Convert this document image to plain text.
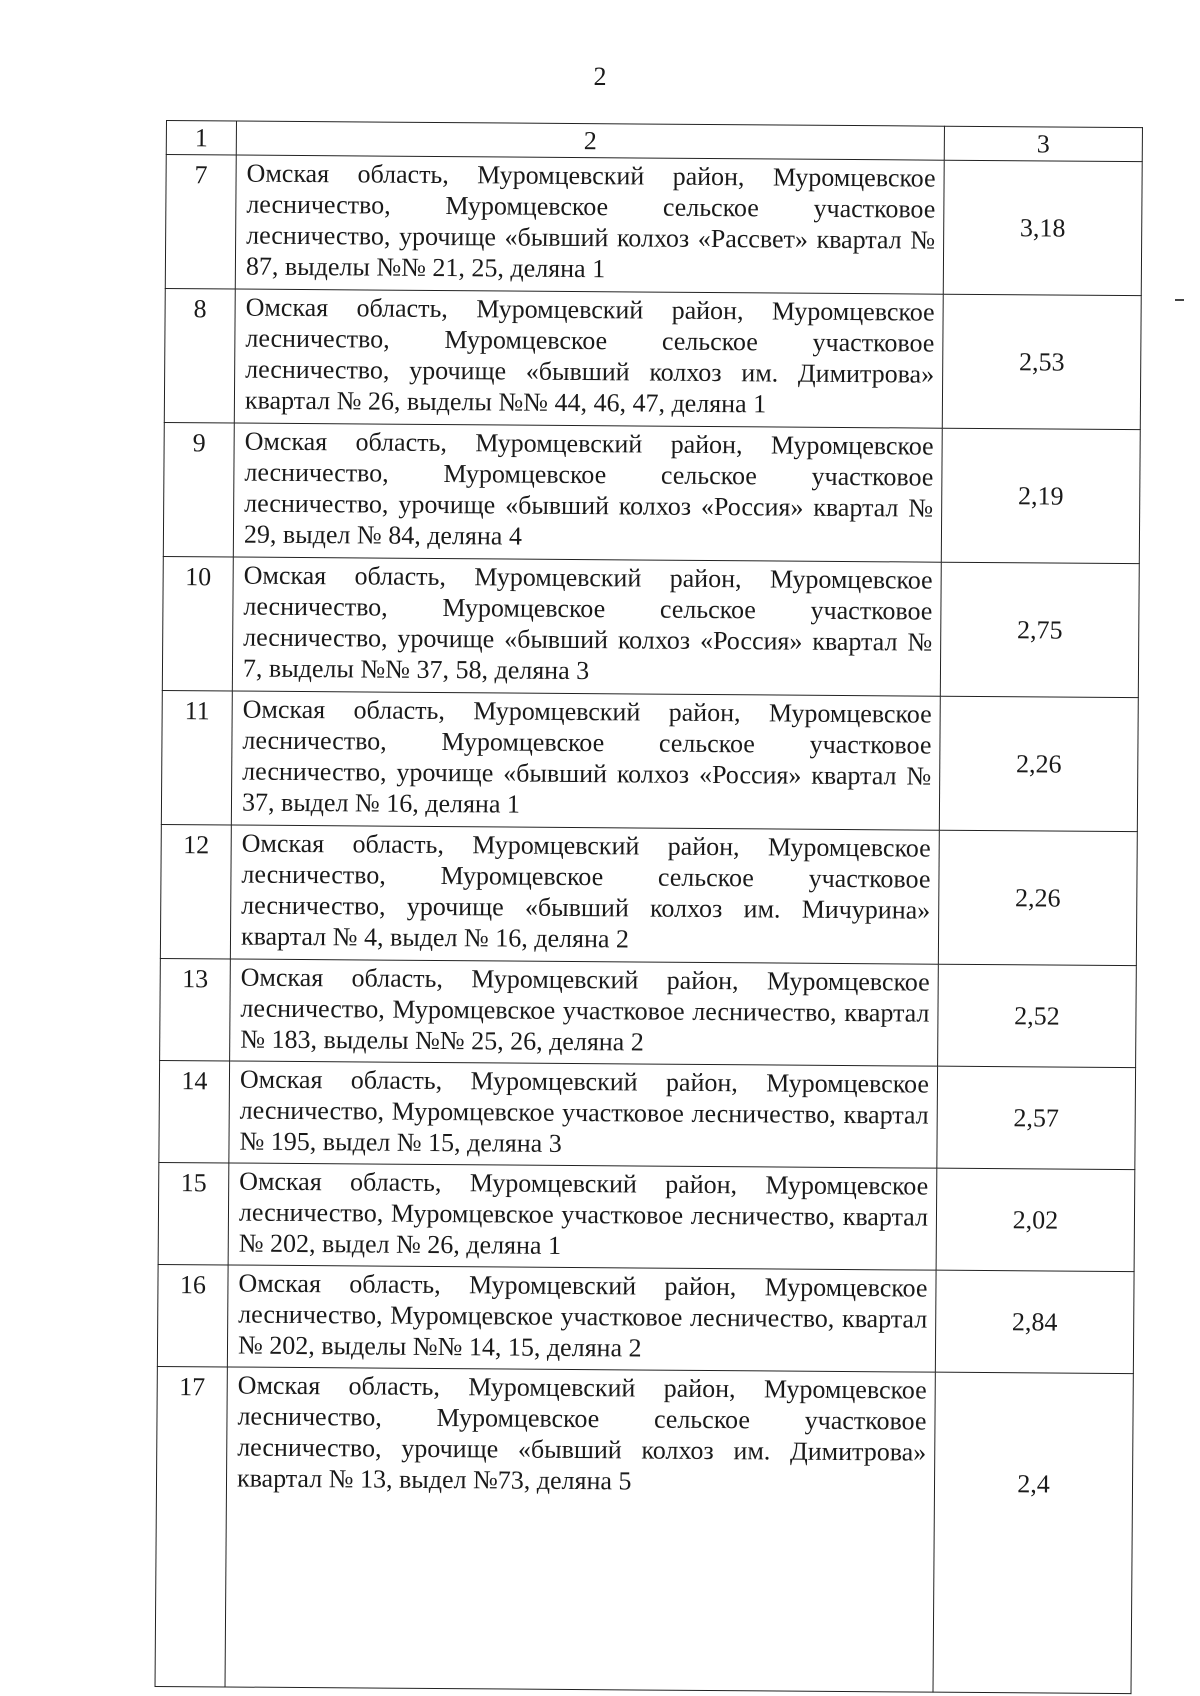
2
1	2	3
7	Омская область, Муромцевский район, Муромцевское лесничество, Муромцевское сельское участковое лесничество, урочище «бывший колхоз «Рассвет» квартал № 87, выделы №№ 21, 25, деляна 1	3,18
8	Омская область, Муромцевский район, Муромцевское лесничество, Муромцевское сельское участковое лесничество, урочище «бывший колхоз им. Димитрова» квартал № 26, выделы №№ 44, 46, 47, деляна 1	2,53
9	Омская область, Муромцевский район, Муромцевское лесничество, Муромцевское сельское участковое лесничество, урочище «бывший колхоз «Россия» квартал № 29, выдел № 84, деляна 4	2,19
10	Омская область, Муромцевский район, Муромцевское лесничество, Муромцевское сельское участковое лесничество, урочище «бывший колхоз «Россия» квартал № 7, выделы №№ 37, 58, деляна 3	2,75
11	Омская область, Муромцевский район, Муромцевское лесничество, Муромцевское сельское участковое лесничество, урочище «бывший колхоз «Россия» квартал № 37, выдел № 16, деляна 1	2,26
12	Омская область, Муромцевский район, Муромцевское лесничество, Муромцевское сельское участковое лесничество, урочище «бывший колхоз им. Мичурина» квартал № 4, выдел № 16, деляна 2	2,26
13	Омская область, Муромцевский район, Муромцевское лесничество, Муромцевское участковое лесничество, квартал № 183, выделы №№ 25, 26, деляна 2	2,52
14	Омская область, Муромцевский район, Муромцевское лесничество, Муромцевское участковое лесничество, квартал № 195, выдел № 15, деляна 3	2,57
15	Омская область, Муромцевский район, Муромцевское лесничество, Муромцевское участковое лесничество, квартал № 202, выдел № 26, деляна 1	2,02
16	Омская область, Муромцевский район, Муромцевское лесничество, Муромцевское участковое лесничество, квартал № 202, выделы №№ 14, 15, деляна 2	2,84
17	Омская область, Муромцевский район, Муромцевское лесничество, Муромцевское сельское участковое лесничество, урочище «бывший колхоз им. Димитрова» квартал № 13, выдел №73, деляна 5	2,4
